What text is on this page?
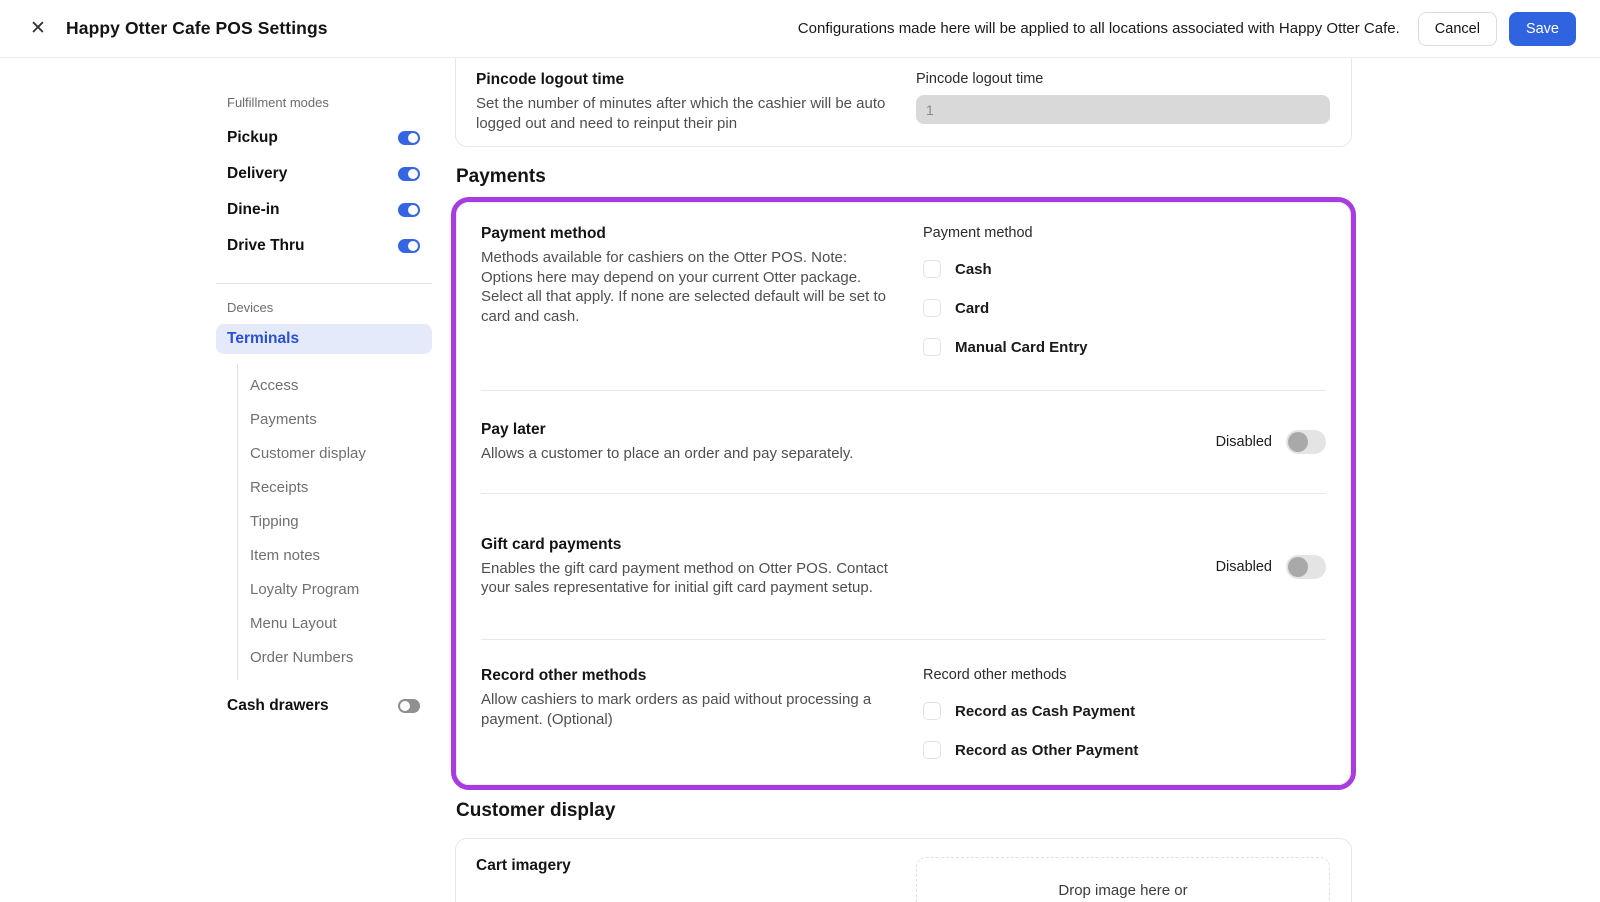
✕	Happy Otter Cafe POS Settings	Configurations made here will be applied to all locations associated with Happy Otter Cafe.	Cancel	Save
Fulfillment modes
Pickup
Delivery
Dine-in
Drive Thru
Devices
Terminals
Access
Payments
Customer display
Receipts
Tipping
Item notes
Loyalty Program
Menu Layout
Order Numbers
Cash drawers
Pincode logout time
Set the number of minutes after which the cashier will be auto logged out and need to reinput their pin
Pincode logout time
1
Payments
Payment method
Methods available for cashiers on the Otter POS. Note: Options here may depend on your current Otter package. Select all that apply. If none are selected default will be set to card and cash.
Payment method
Cash
Card
Manual Card Entry
Pay later
Allows a customer to place an order and pay separately.
Disabled
Gift card payments
Enables the gift card payment method on Otter POS. Contact your sales representative for initial gift card payment setup.
Disabled
Record other methods
Allow cashiers to mark orders as paid without processing a payment. (Optional)
Record other methods
Record as Cash Payment
Record as Other Payment
Customer display
Cart imagery
Drop image here or
